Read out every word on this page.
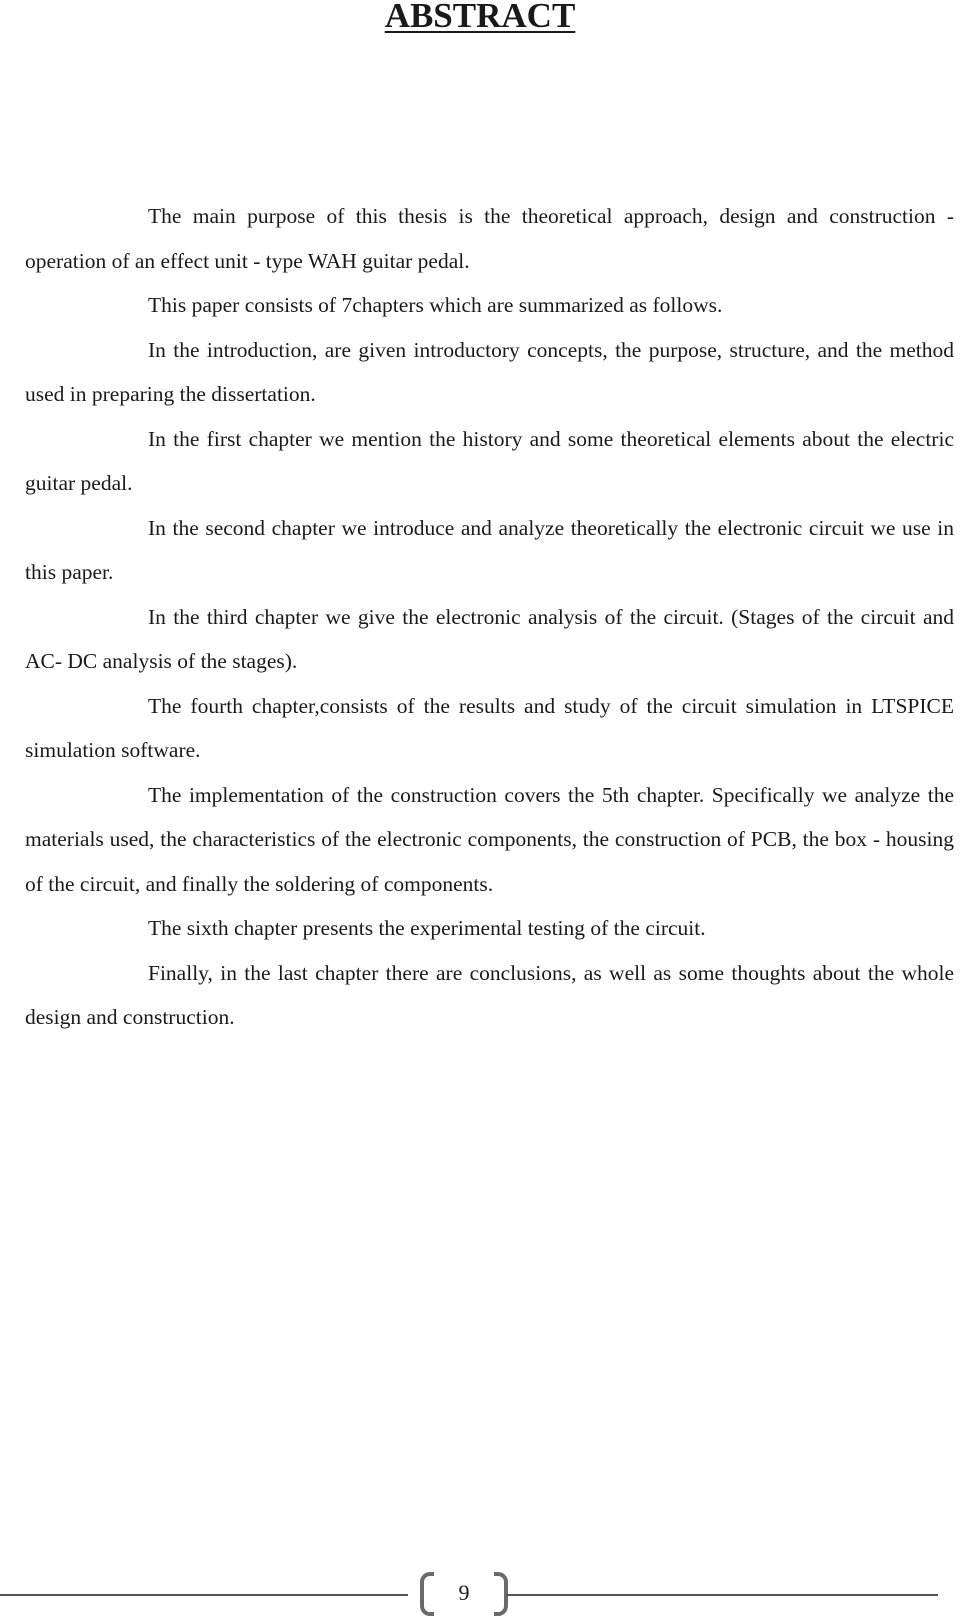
ABSTRACT

The main purpose of this thesis is the theoretical approach, design and construction - operation of an effect unit - type WAH guitar pedal.

This paper consists of 7chapters which are summarized as follows.

In the introduction, are given introductory concepts, the purpose, structure, and the method used in preparing the dissertation.

In the first chapter we mention the history and some theoretical elements about the electric guitar pedal.

In the second chapter we introduce and analyze theoretically the electronic circuit we use in this paper.

In the third chapter we give the electronic analysis of the circuit. (Stages of the circuit and AC- DC analysis of the stages).

The fourth chapter,consists of the results and study of the circuit simulation in LTSPICE simulation software.

The implementation of the construction covers the 5th chapter. Specifically we analyze the materials used, the characteristics of the electronic components, the construction of PCB, the box - housing of the circuit, and finally the soldering of components.

The sixth chapter presents the experimental testing of the circuit.

Finally, in the last chapter there are conclusions, as well as some thoughts about the whole design and construction.

9
